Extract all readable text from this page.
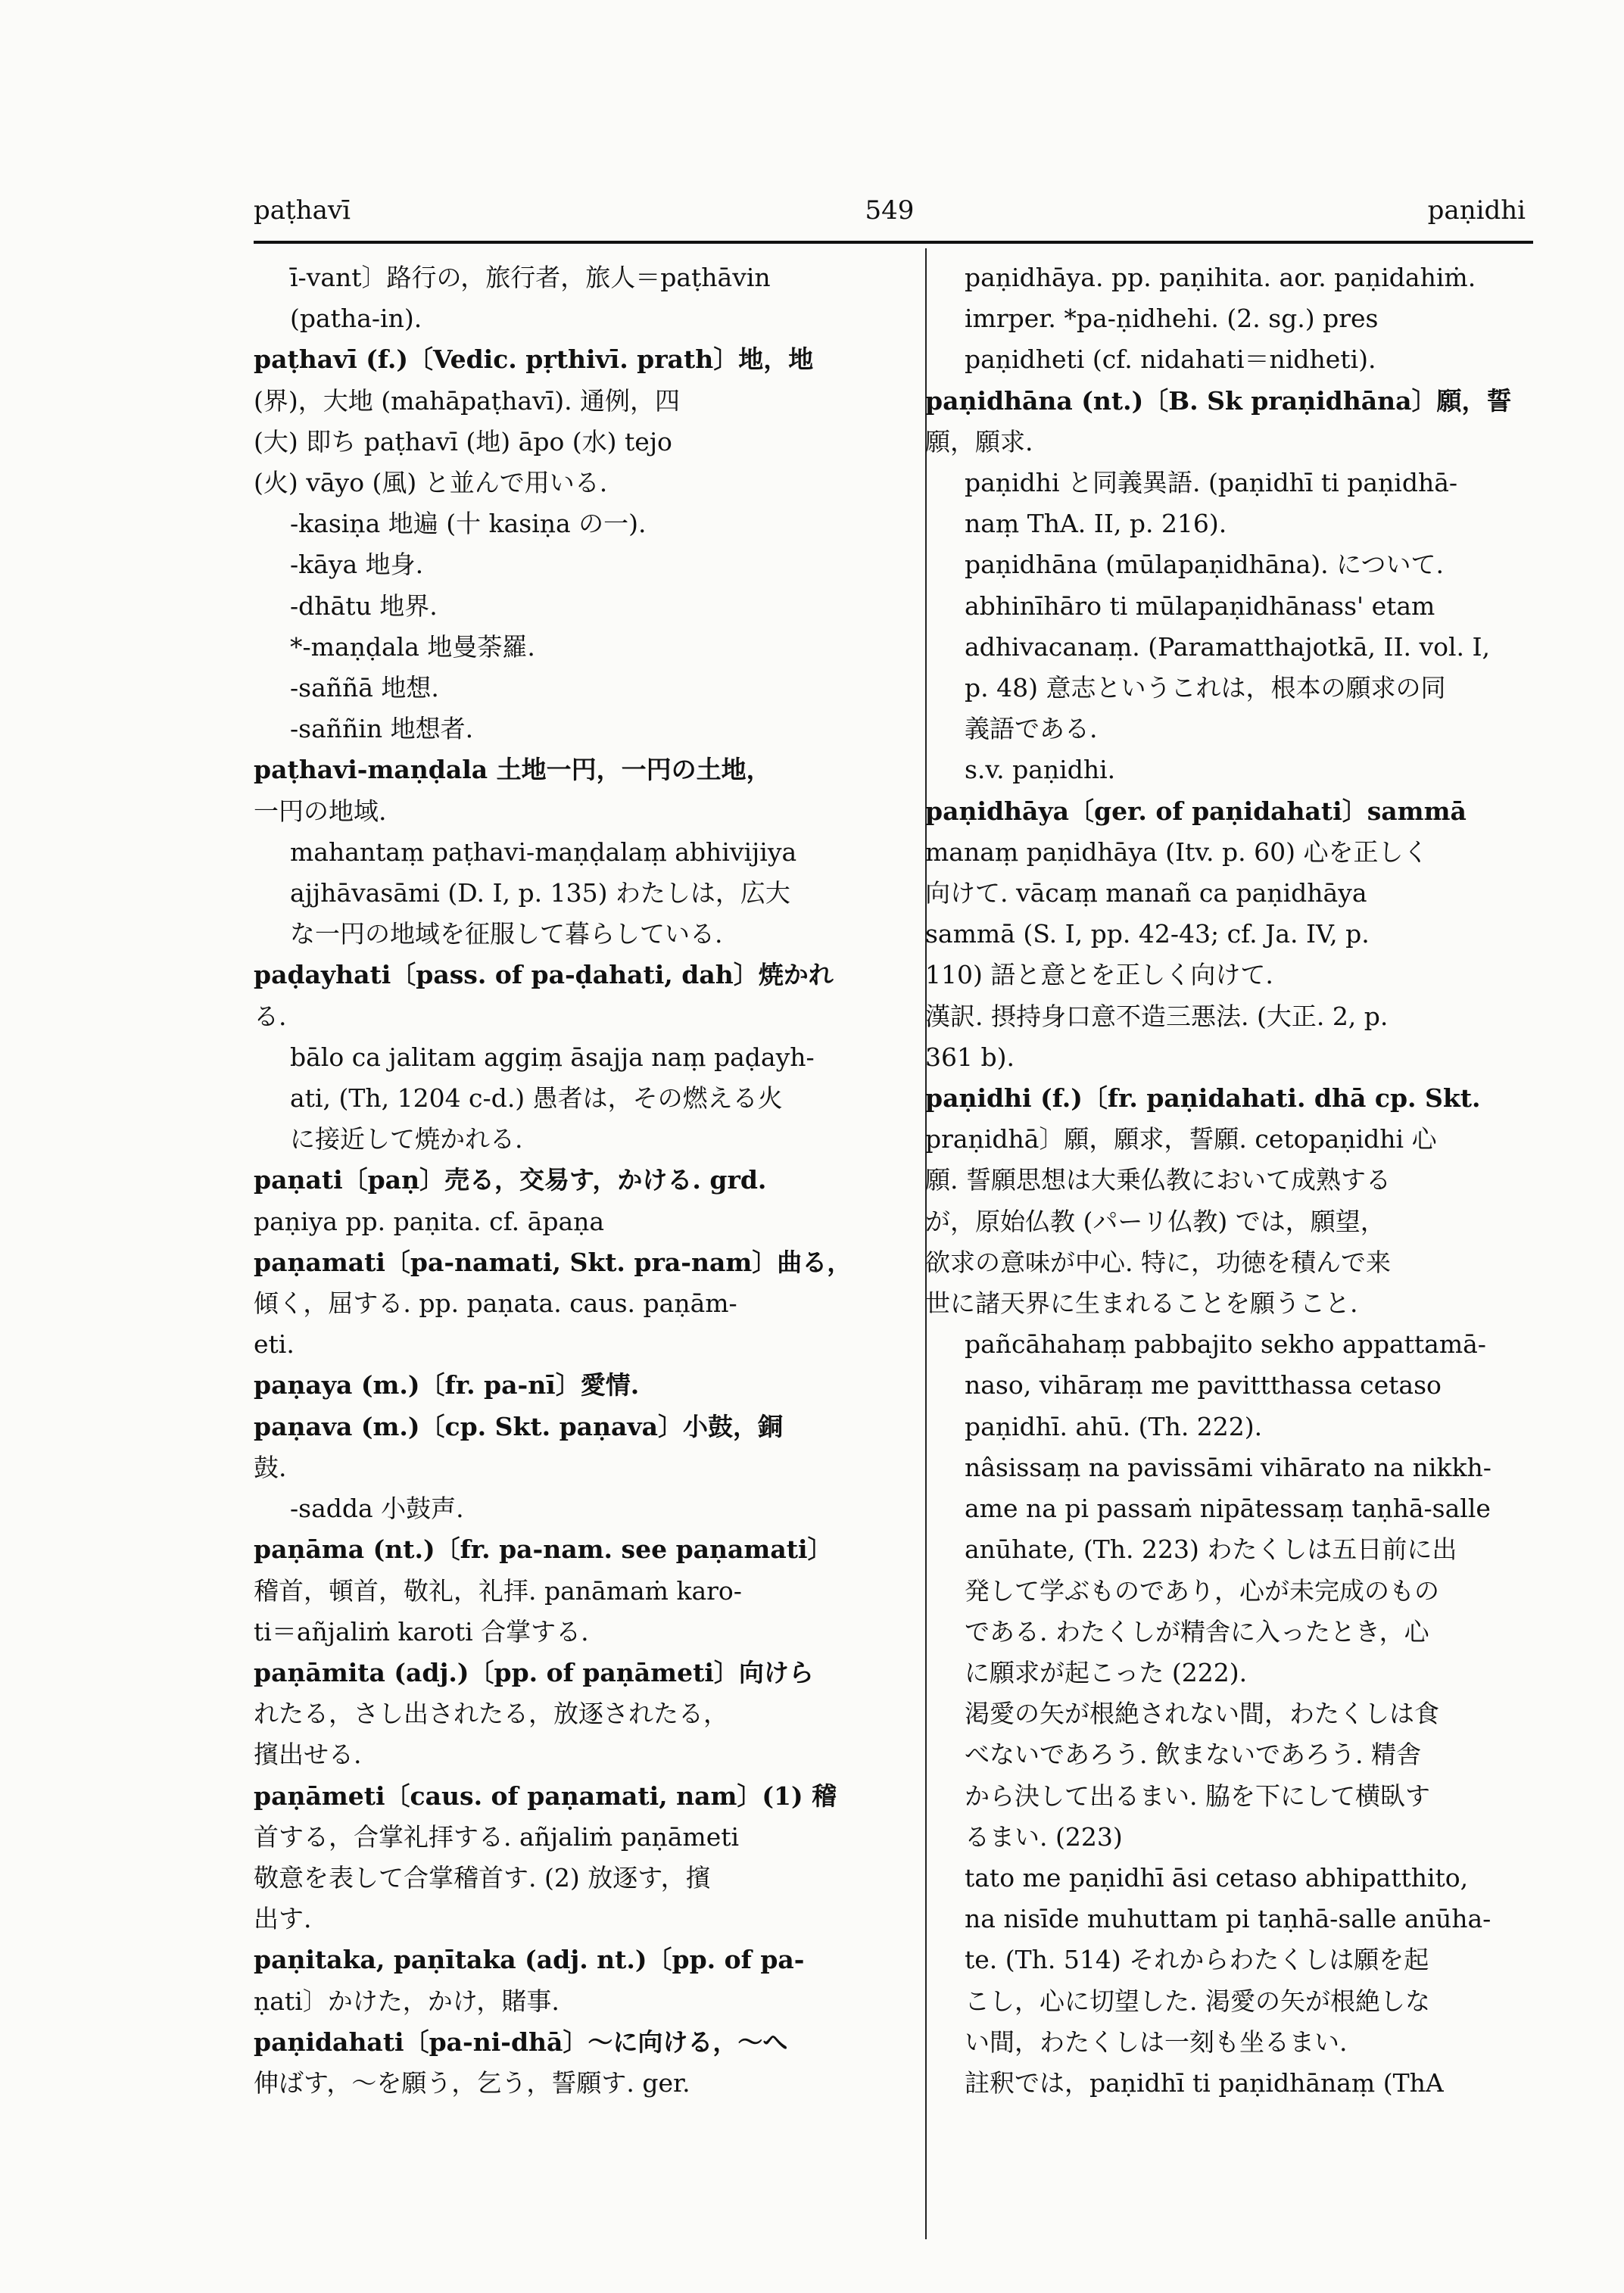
paṭhavī	549	paṇidhi
ī-vant〕路行の，旅行者，旅人＝paṭhāvin
(patha-in).
paṭhavī (f.)〔Vedic. pṛthivī. prath〕地，地
(界)，大地 (mahāpaṭhavī). 通例，四
(大) 即ち paṭhavī (地) āpo (水) tejo
(火) vāyo (風) と並んで用いる.
-kasiṇa 地遍 (十 kasiṇa の一).
-kāya 地身.
-dhātu 地界.
*-maṇḍala 地曼荼羅.
-saññā 地想.
-saññin 地想者.
paṭhavi-maṇḍala 土地一円，一円の土地，
一円の地域.
mahantaṃ paṭhavi-maṇḍalaṃ abhivijiya
ajjhāvasāmi (D. I, p. 135) わたしは，広大
な一円の地域を征服して暮らしている.
paḍayhati〔pass. of pa-ḍahati, dah〕焼かれ
る.
bālo ca jalitam aggiṃ āsajja naṃ paḍayh-
ati, (Th, 1204 c-d.) 愚者は，その燃える火
に接近して焼かれる.
paṇati〔paṇ〕売る，交易す，かける. grd.
paṇiya pp. paṇita. cf. āpaṇa
paṇamati〔pa-namati, Skt. pra-nam〕曲る，
傾く，屈する. pp. paṇata. caus. paṇām-
eti.
paṇaya (m.)〔fr. pa-nī〕愛情.
paṇava (m.)〔cp. Skt. paṇava〕小鼓，銅
鼓.
-sadda 小鼓声.
paṇāma (nt.)〔fr. pa-nam. see paṇamati〕
稽首，頓首，敬礼，礼拝. panāmaṁ karo-
ti＝añjaliṁ karoti 合掌する.
paṇāmita (adj.)〔pp. of paṇāmeti〕向けら
れたる，さし出されたる，放逐されたる，
擯出せる.
paṇāmeti〔caus. of paṇamati, nam〕(1) 稽
首する，合掌礼拝する. añjaliṁ paṇāmeti
敬意を表して合掌稽首す. (2) 放逐す，擯
出す.
paṇitaka, paṇītaka (adj. nt.)〔pp. of pa-
ṇati〕かけた，かけ，賭事.
paṇidahati〔pa-ni-dhā〕～に向ける，～へ
伸ばす，～を願う，乞う，誓願す. ger.
paṇidhāya. pp. paṇihita. aor. paṇidahiṁ.
imrper. *pa-ṇidhehi. (2. sg.) pres
paṇidheti (cf. nidahati＝nidheti).
paṇidhāna (nt.)〔B. Sk praṇidhāna〕願，誓
願，願求.
paṇidhi と同義異語. (paṇidhī ti paṇidhā-
naṃ ThA. II, p. 216).
paṇidhāna (mūlapaṇidhāna). について.
abhinīhāro ti mūlapaṇidhānass' etam
adhivacanaṃ. (Paramatthajotkā, II. vol. I,
p. 48) 意志というこれは，根本の願求の同
義語である.
s.v. paṇidhi.
paṇidhāya〔ger. of paṇidahati〕sammā
manaṃ paṇidhāya (Itv. p. 60) 心を正しく
向けて. vācaṃ manañ ca paṇidhāya
sammā (S. I, pp. 42-43; cf. Ja. IV, p.
110) 語と意とを正しく向けて.
漢訳. 摂持身口意不造三悪法. (大正. 2, p.
361 b).
paṇidhi (f.)〔fr. paṇidahati. dhā cp. Skt.
praṇidhā〕願，願求，誓願. cetopaṇidhi 心
願. 誓願思想は大乗仏教において成熟する
が，原始仏教 (パーリ仏教) では，願望，
欲求の意味が中心. 特に，功徳を積んで来
世に諸天界に生まれることを願うこと.
pañcāhahaṃ pabbajito sekho appattamā-
naso, vihāraṃ me pavittthassa cetaso
paṇidhī. ahū. (Th. 222).
nâsissaṃ na pavissāmi vihārato na nikkh-
ame na pi passaṁ nipātessaṃ taṇhā-salle
anūhate, (Th. 223) わたくしは五日前に出
発して学ぶものであり，心が未完成のもの
である. わたくしが精舎に入ったとき，心
に願求が起こった (222).
渇愛の矢が根絶されない間，わたくしは食
べないであろう. 飲まないであろう. 精舎
から決して出るまい. 脇を下にして横臥す
るまい. (223)
tato me paṇidhī āsi cetaso abhipatthito,
na nisīde muhuttam pi taṇhā-salle anūha-
te. (Th. 514) それからわたくしは願を起
こし，心に切望した. 渇愛の矢が根絶しな
い間，わたくしは一刻も坐るまい.
註釈では，paṇidhī ti paṇidhānaṃ (ThA
